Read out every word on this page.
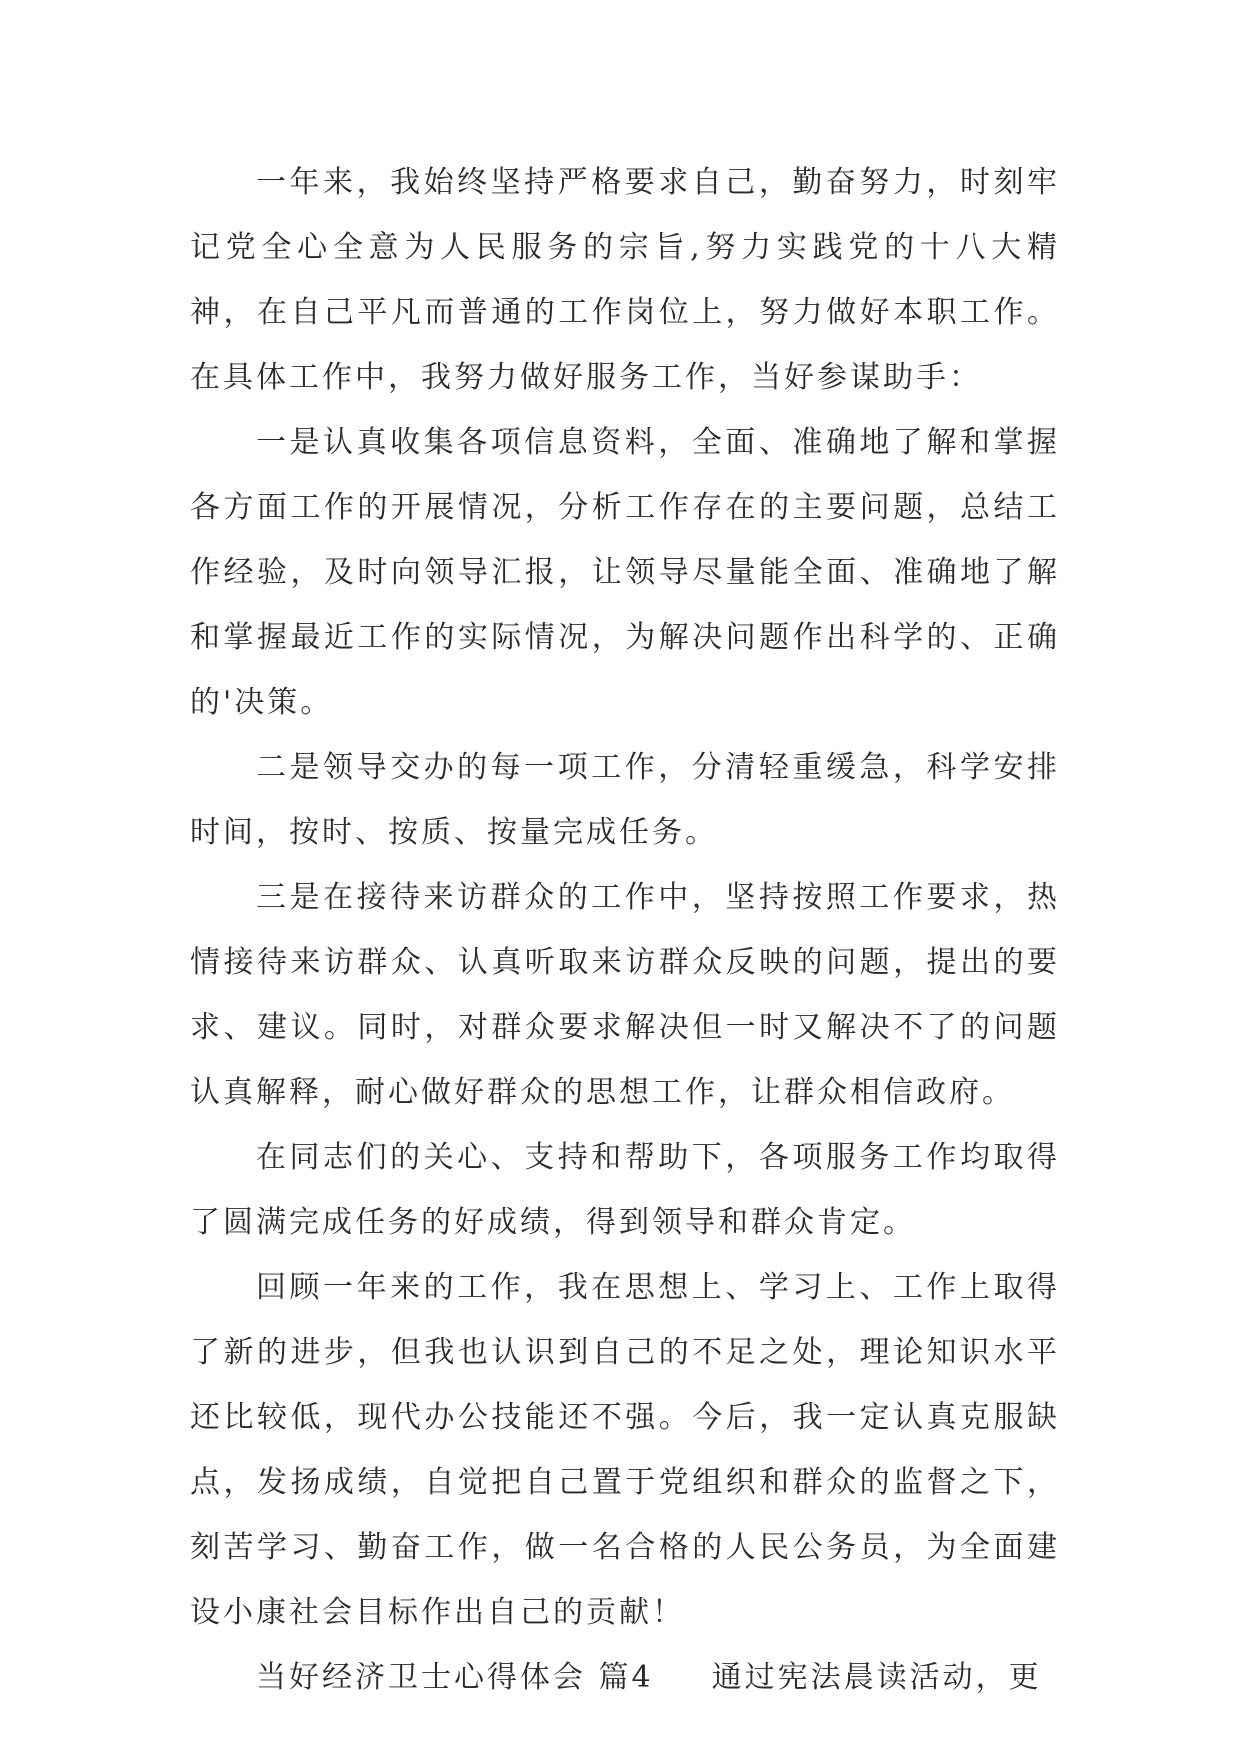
一年来，我始终坚持严格要求自己，勤奋努力，时刻牢记党全心全意为人民服务的宗旨,努力实践党的十八大精神，在自己平凡而普通的工作岗位上，努力做好本职工作。在具体工作中，我努力做好服务工作，当好参谋助手：

一是认真收集各项信息资料，全面、准确地了解和掌握各方面工作的开展情况，分析工作存在的主要问题，总结工作经验，及时向领导汇报，让领导尽量能全面、准确地了解和掌握最近工作的实际情况，为解决问题作出科学的、正确的'决策。

二是领导交办的每一项工作，分清轻重缓急，科学安排时间，按时、按质、按量完成任务。

三是在接待来访群众的工作中，坚持按照工作要求，热情接待来访群众、认真听取来访群众反映的问题，提出的要求、建议。同时，对群众要求解决但一时又解决不了的问题认真解释，耐心做好群众的思想工作，让群众相信政府。

在同志们的关心、支持和帮助下，各项服务工作均取得了圆满完成任务的好成绩，得到领导和群众肯定。

回顾一年来的工作，我在思想上、学习上、工作上取得了新的进步，但我也认识到自己的不足之处，理论知识水平还比较低，现代办公技能还不强。今后，我一定认真克服缺点，发扬成绩，自觉把自己置于党组织和群众的监督之下，刻苦学习、勤奋工作，做一名合格的人民公务员，为全面建设小康社会目标作出自己的贡献！

当好经济卫士心得体会 篇4 通过宪法晨读活动，更
